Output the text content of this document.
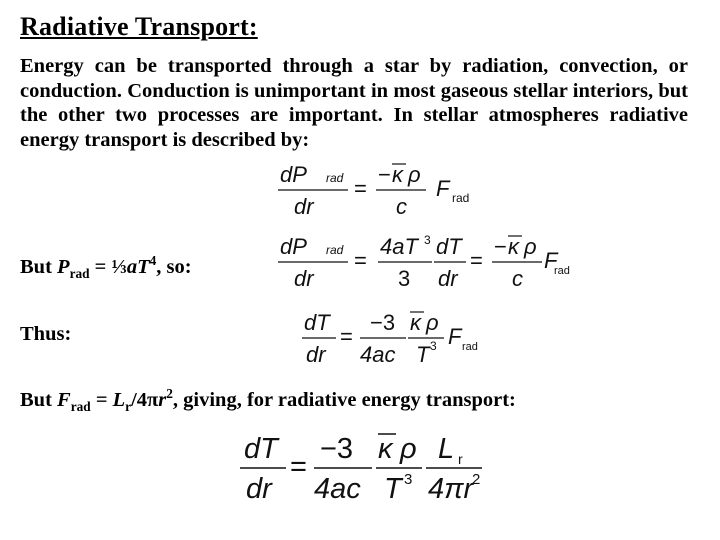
Radiative Transport:

Energy can be transported through a star by radiation, convection, or conduction. Conduction is unimportant in most gaseous stellar interiors, but the other two processes are important. In stellar atmospheres radiative energy transport is described by:

dP rad
dr
=
− κ ρ
c
F rad

But $P_{rad}$ = $\frac{1}{3}aT^4$, so:

dP rad
dr
=
4aT 3
3
dT
dr
=
− κ ρ
c
F
rad

Thus:	dT
dr
=
−3
4ac
κ ρ
T 3 F rad

But $F_{rad} = L_r/4\pi r^2$, giving, for radiative energy transport:

dT
dr
=
−3
4ac
κ ρ
T 3
L r
4πr
2
